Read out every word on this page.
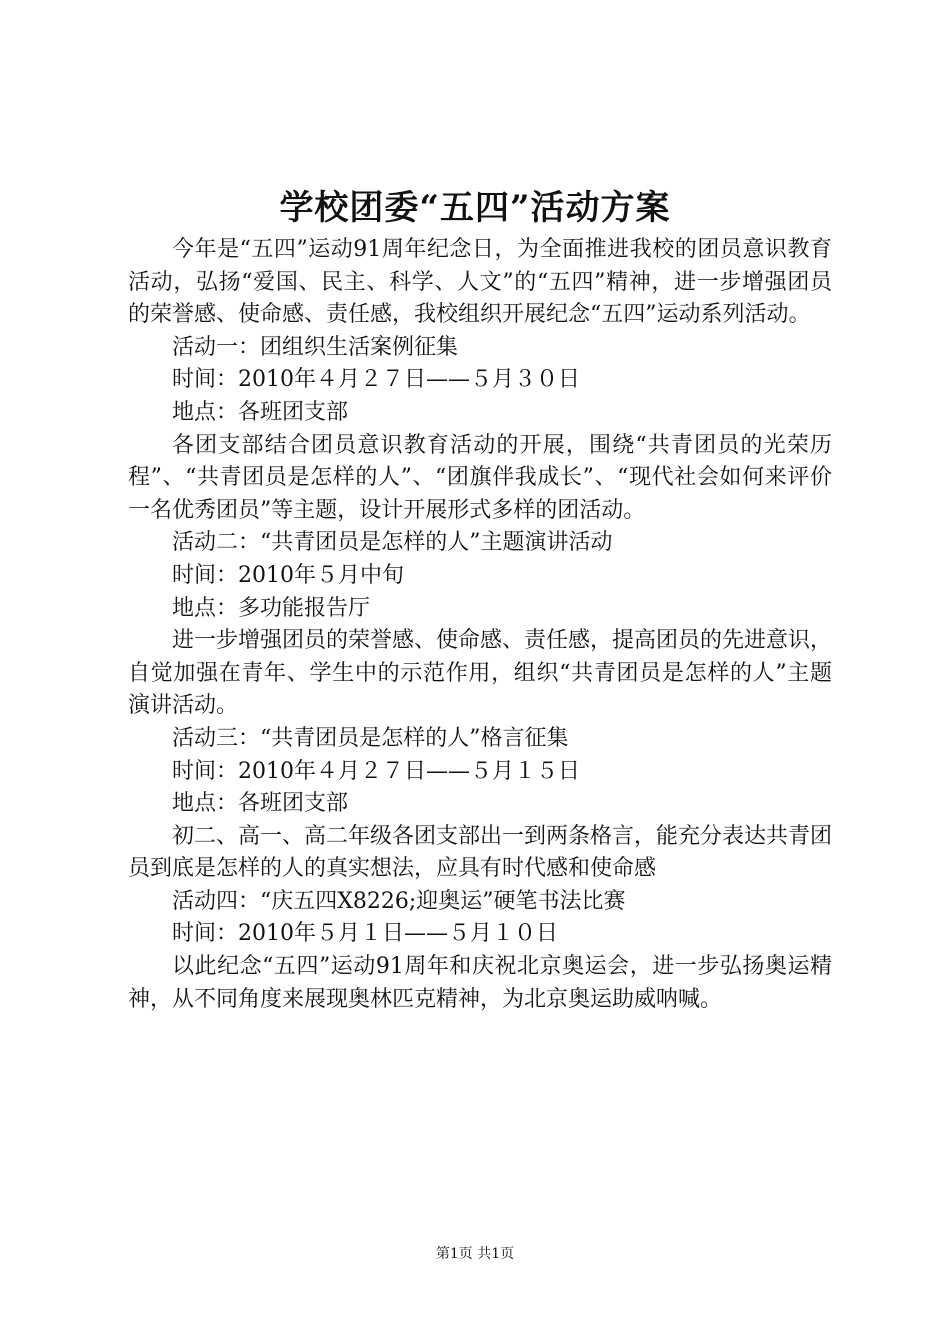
学校团委“五四”活动方案

今年是“五四”运动91周年纪念日，为全面推进我校的团员意识教育活动，弘扬“爱国、民主、科学、人文”的“五四”精神，进一步增强团员的荣誉感、使命感、责任感，我校组织开展纪念“五四”运动系列活动。

活动一：团组织生活案例征集

时间：2010年４月２７日——５月３０日

地点：各班团支部

各团支部结合团员意识教育活动的开展，围绕“共青团员的光荣历程”、“共青团员是怎样的人”、“团旗伴我成长”、“现代社会如何来评价一名优秀团员”等主题，设计开展形式多样的团活动。

活动二：“共青团员是怎样的人”主题演讲活动

时间：2010年５月中旬

地点：多功能报告厅

进一步增强团员的荣誉感、使命感、责任感，提高团员的先进意识，自觉加强在青年、学生中的示范作用，组织“共青团员是怎样的人”主题演讲活动。

活动三：“共青团员是怎样的人”格言征集

时间：2010年４月２７日——５月１５日

地点：各班团支部

初二、高一、高二年级各团支部出一到两条格言，能充分表达共青团员到底是怎样的人的真实想法，应具有时代感和使命感

活动四：“庆五四X8226;迎奥运”硬笔书法比赛

时间：2010年５月１日——５月１０日

以此纪念“五四”运动91周年和庆祝北京奥运会，进一步弘扬奥运精神，从不同角度来展现奥林匹克精神，为北京奥运助威呐喊。

第1页 共1页
